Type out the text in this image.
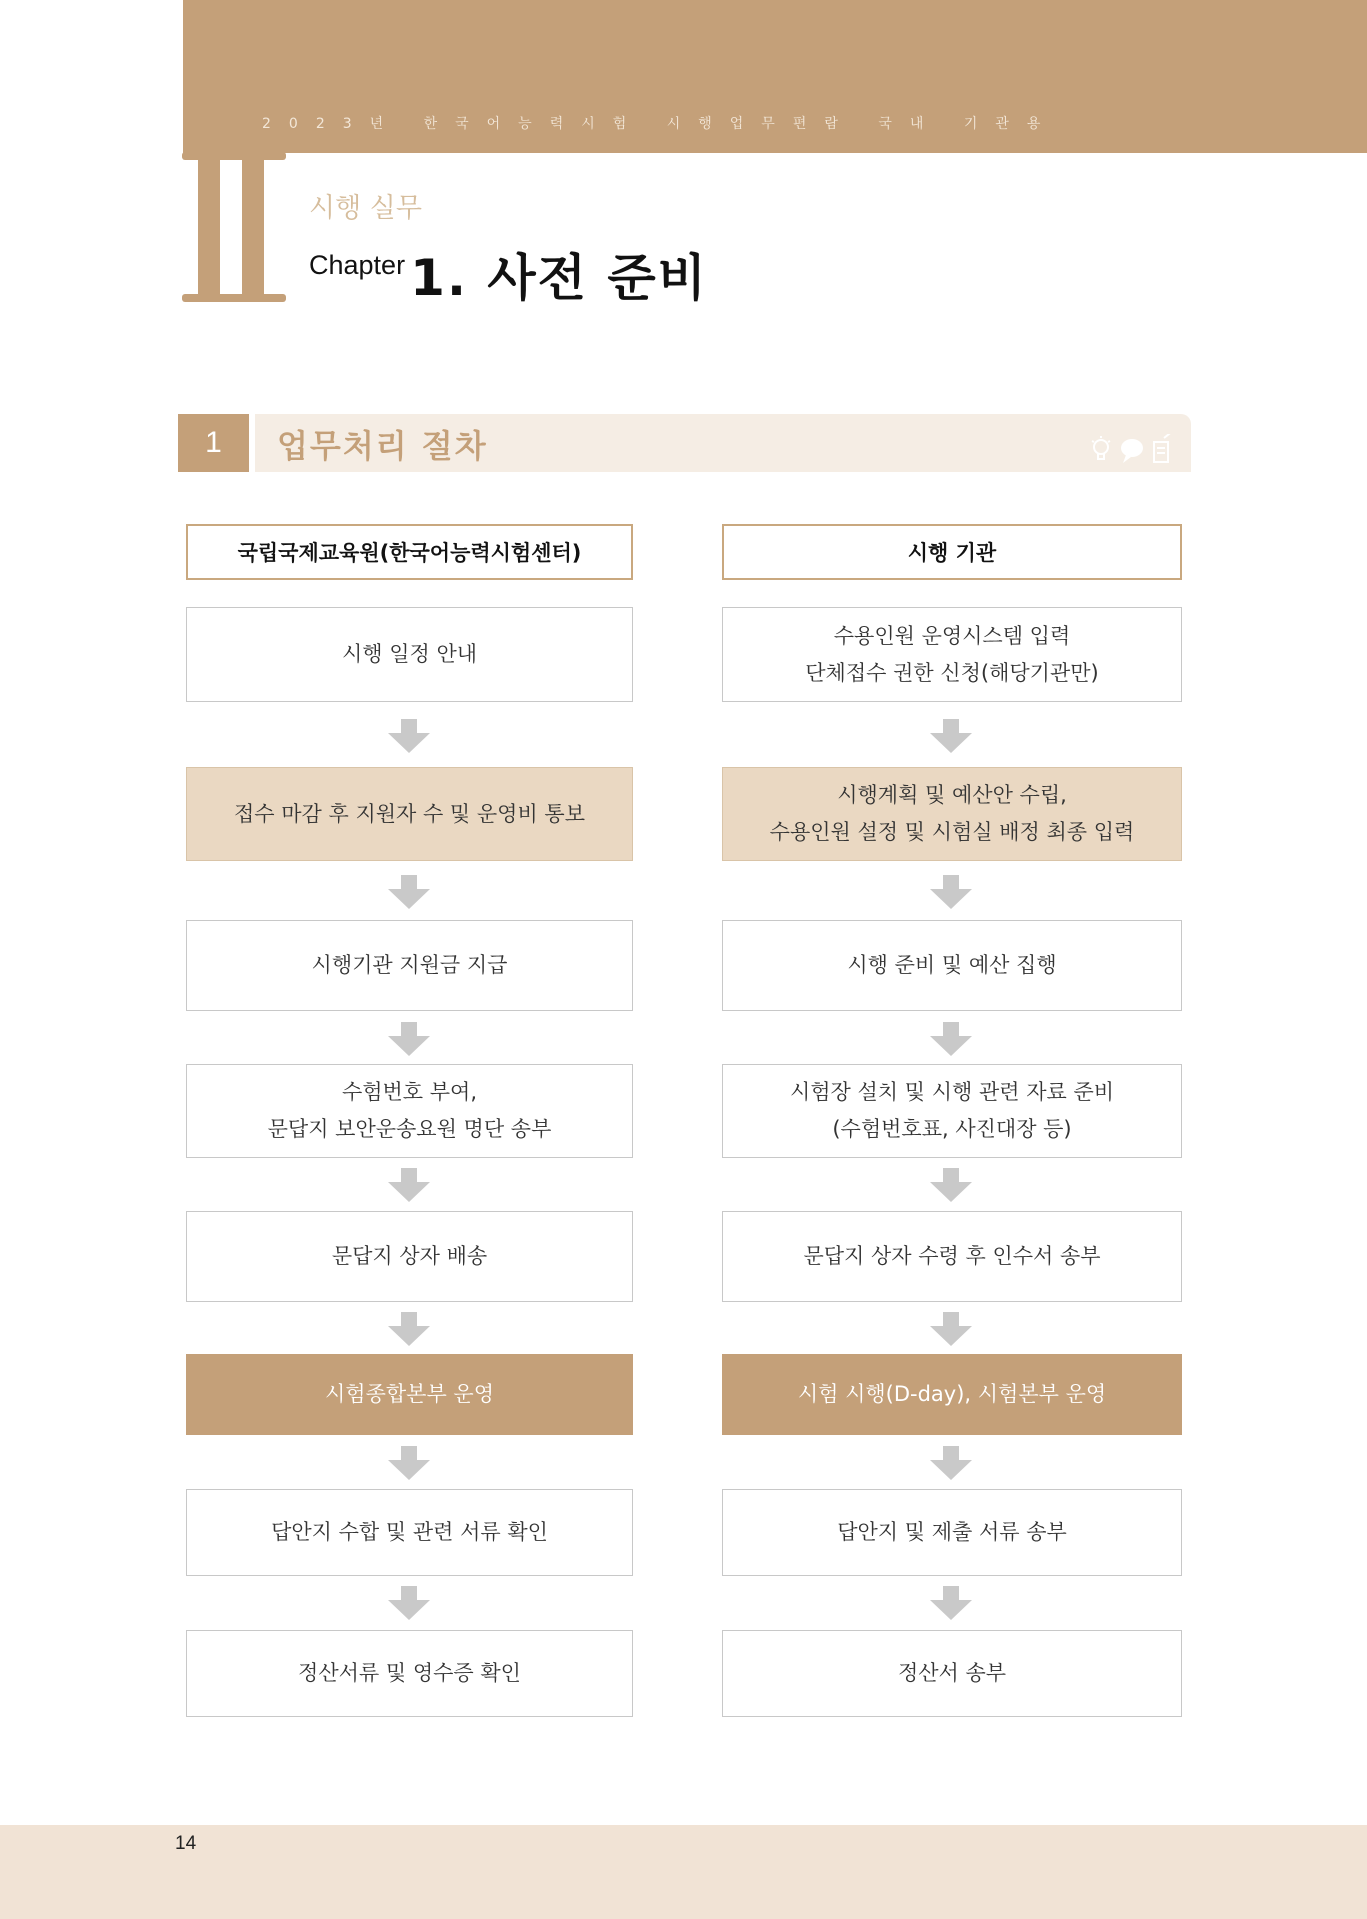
2023년 한국어능력시험 시행업무편람 국내 기관용
시행 실무
Chapter 1. 사전 준비
1	업무처리 절차
국립국제교육원(한국어능력시험센터)	시행 기관
시행 일정 안내
접수 마감 후 지원자 수 및 운영비 통보
시행기관 지원금 지급
수험번호 부여,
문답지 보안운송요원 명단 송부
문답지 상자 배송
시험종합본부 운영
답안지 수합 및 관련 서류 확인
정산서류 및 영수증 확인
수용인원 운영시스템 입력
단체접수 권한 신청(해당기관만)
시행계획 및 예산안 수립,
수용인원 설정 및 시험실 배정 최종 입력
시행 준비 및 예산 집행
시험장 설치 및 시행 관련 자료 준비
(수험번호표, 사진대장 등)
문답지 상자 수령 후 인수서 송부
시험 시행(D-day), 시험본부 운영
답안지 및 제출 서류 송부
정산서 송부
14
